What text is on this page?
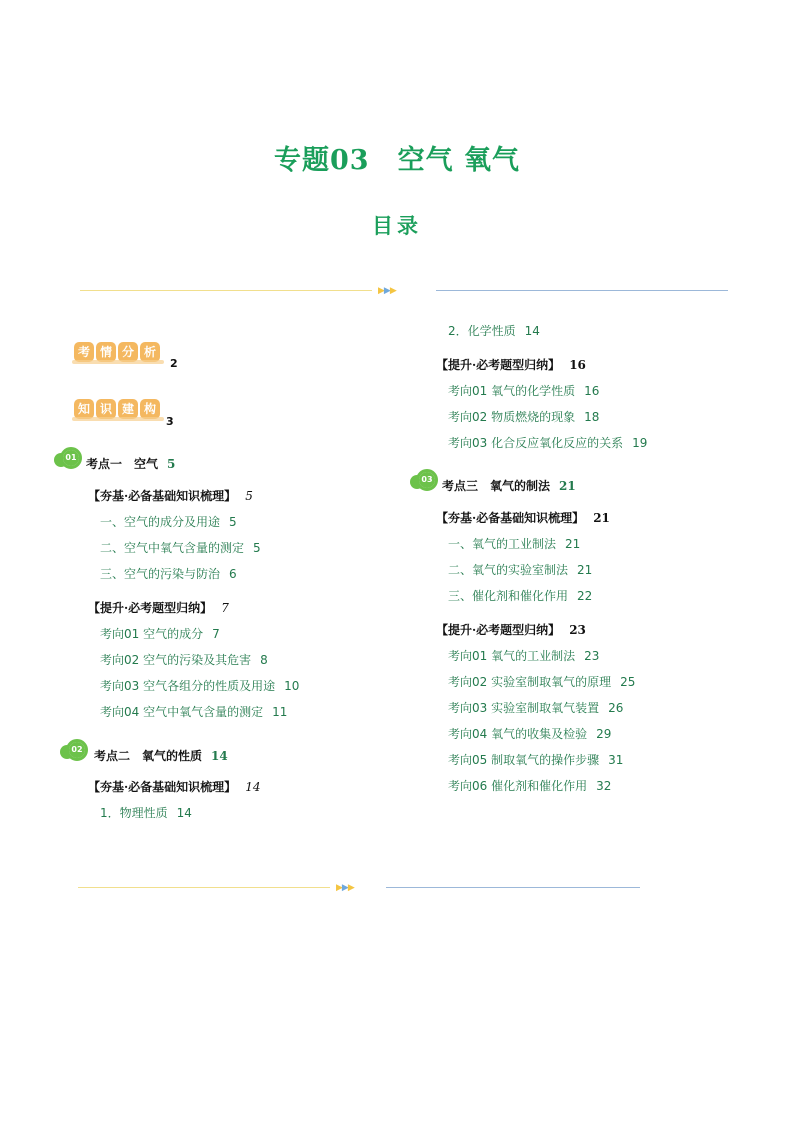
专题03　空气 氧气
目录
▶▶▶
考 情 分 析
2
知 识 建 构
3
01 考点一　空气 5
【夯基·必备基础知识梳理】 5
一、空气的成分及用途 5
二、空气中氧气含量的测定 5
三、空气的污染与防治 6
【提升·必考题型归纳】 7
考向01 空气的成分 7
考向02 空气的污染及其危害 8
考向03 空气各组分的性质及用途 10
考向04 空气中氧气含量的测定 11
02 考点二　氧气的性质 14
【夯基·必备基础知识梳理】 14
1．物理性质 14
2．化学性质 14
【提升·必考题型归纳】 16
考向01 氧气的化学性质 16
考向02 物质燃烧的现象 18
考向03 化合反应氧化反应的关系 19
03 考点三　氧气的制法 21
【夯基·必备基础知识梳理】 21
一、氧气的工业制法 21
二、氧气的实验室制法 21
三、催化剂和催化作用 22
【提升·必考题型归纳】 23
考向01 氧气的工业制法 23
考向02 实验室制取氧气的原理 25
考向03 实验室制取氧气装置 26
考向04 氧气的收集及检验 29
考向05 制取氧气的操作步骤 31
考向06 催化剂和催化作用 32
▶▶▶
